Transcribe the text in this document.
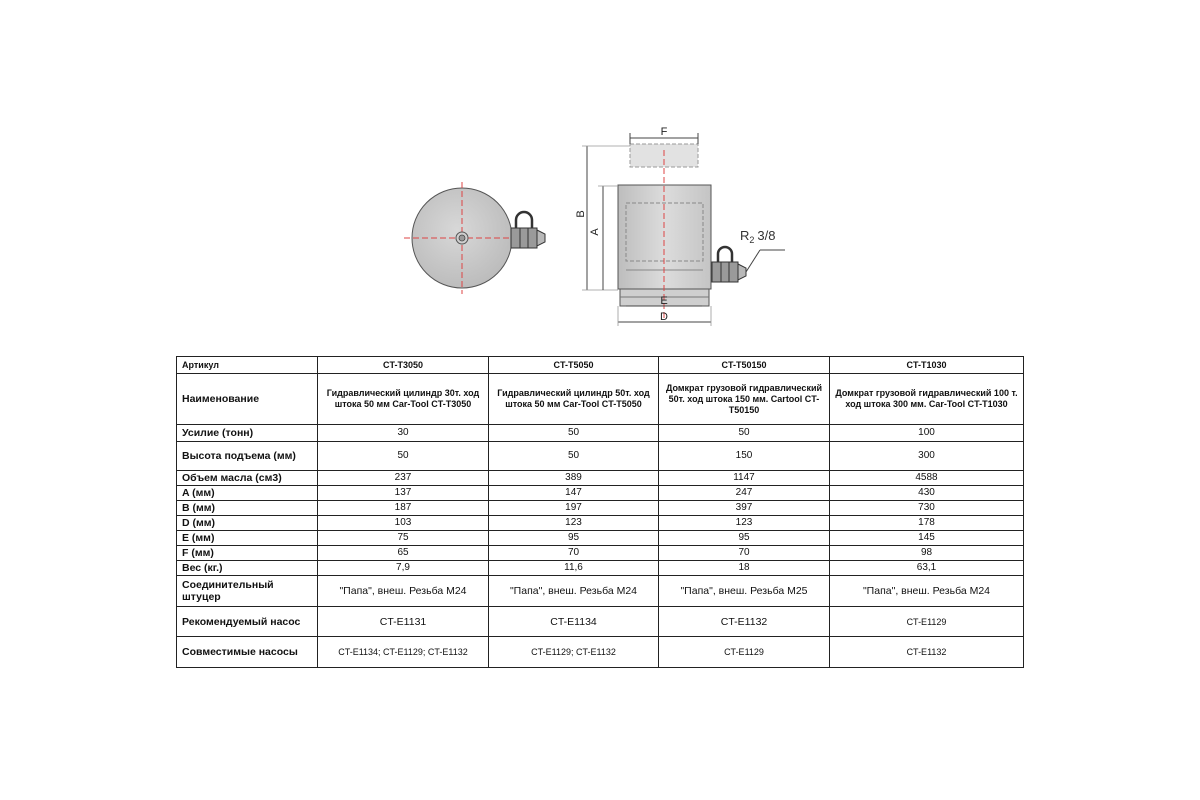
F
B
A
E
D
$R_2$ 3/8
Артикул	CT-T3050	CT-T5050	CT-T50150	CT-T1030
Наименование	Гидравлический цилиндр 30т. ход штока 50 мм Car-Tool CT-T3050	Гидравлический цилиндр 50т. ход штока 50 мм Car-Tool CT-T5050	Домкрат грузовой гидравлический 50т. ход штока 150 мм. Cartool CT-T50150	Домкрат грузовой гидравлический 100 т. ход штока 300 мм. Car-Tool CT-T1030
Усилие (тонн)	30	50	50	100
Высота подъема (мм)	50	50	150	300
Объем масла (см3)	237	389	1147	4588
A (мм)	137	147	247	430
B (мм)	187	197	397	730
D (мм)	103	123	123	178
E (мм)	75	95	95	145
F (мм)	65	70	70	98
Вес (кг.)	7,9	11,6	18	63,1
Соединительный штуцер	"Папа", внеш. Резьба М24	"Папа", внеш. Резьба М24	"Папа", внеш. Резьба М25	"Папа", внеш. Резьба М24
Рекомендуемый насос	CT-E1131	CT-E1134	CT-E1132	CT-E1129
Совместимые насосы	CT-E1134; CT-E1129; CT-E1132	CT-E1129; CT-E1132	CT-E1129	CT-E1132
